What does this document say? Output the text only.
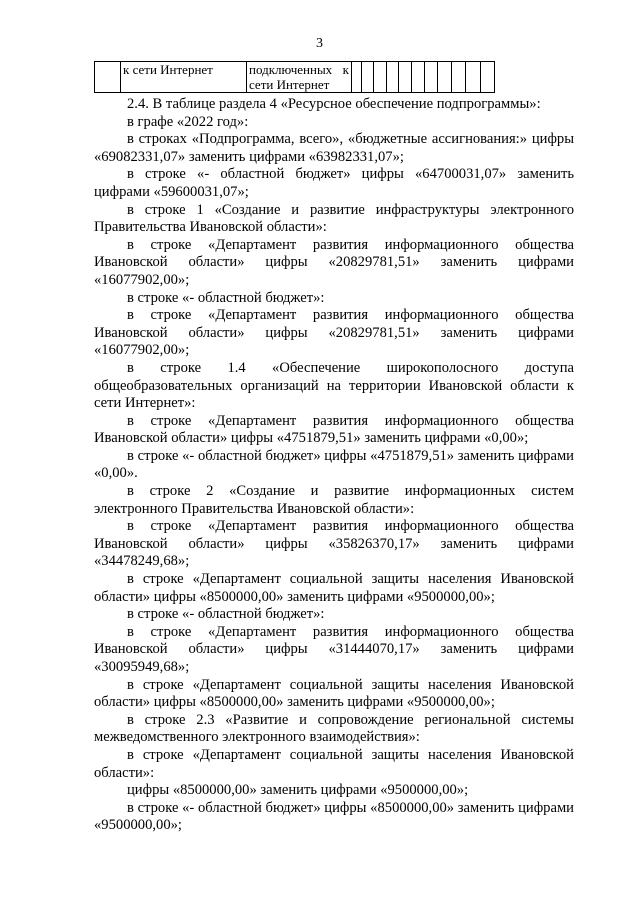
3
	к сети Интернет	подключенных к сети Интернет											

2.4. В таблице раздела 4 «Ресурсное обеспечение подпрограммы»:

в графе «2022 год»:

в строках «Подпрограмма, всего», «бюджетные ассигнования:» цифры «69082331,07» заменить цифрами «63982331,07»;

в строке «- областной бюджет» цифры «64700031,07» заменить цифрами «59600031,07»;

в строке 1 «Создание и развитие инфраструктуры электронного Правительства Ивановской области»:

в строке «Департамент развития информационного общества Ивановской области» цифры «20829781,51» заменить цифрами «16077902,00»;

в строке «- областной бюджет»:

в строке «Департамент развития информационного общества Ивановской области» цифры «20829781,51» заменить цифрами «16077902,00»;

в строке 1.4 «Обеспечение широкополосного доступа общеобразовательных организаций на территории Ивановской области к сети Интернет»:

в строке «Департамент развития информационного общества Ивановской области» цифры «4751879,51» заменить цифрами «0,00»;

в строке «- областной бюджет» цифры «4751879,51» заменить цифрами «0,00».

в строке 2 «Создание и развитие информационных систем электронного Правительства Ивановской области»:

в строке «Департамент развития информационного общества Ивановской области» цифры «35826370,17» заменить цифрами «34478249,68»;

в строке «Департамент социальной защиты населения Ивановской области» цифры «8500000,00» заменить цифрами «9500000,00»;

в строке «- областной бюджет»:

в строке «Департамент развития информационного общества Ивановской области» цифры «31444070,17» заменить цифрами «30095949,68»;

в строке «Департамент социальной защиты населения Ивановской области» цифры «8500000,00» заменить цифрами «9500000,00»;

в строке 2.3 «Развитие и сопровождение региональной системы межведомственного электронного взаимодействия»:

в строке «Департамент социальной защиты населения Ивановской области»:

цифры «8500000,00» заменить цифрами «9500000,00»;

в строке «- областной бюджет» цифры «8500000,00» заменить цифрами «9500000,00»;
